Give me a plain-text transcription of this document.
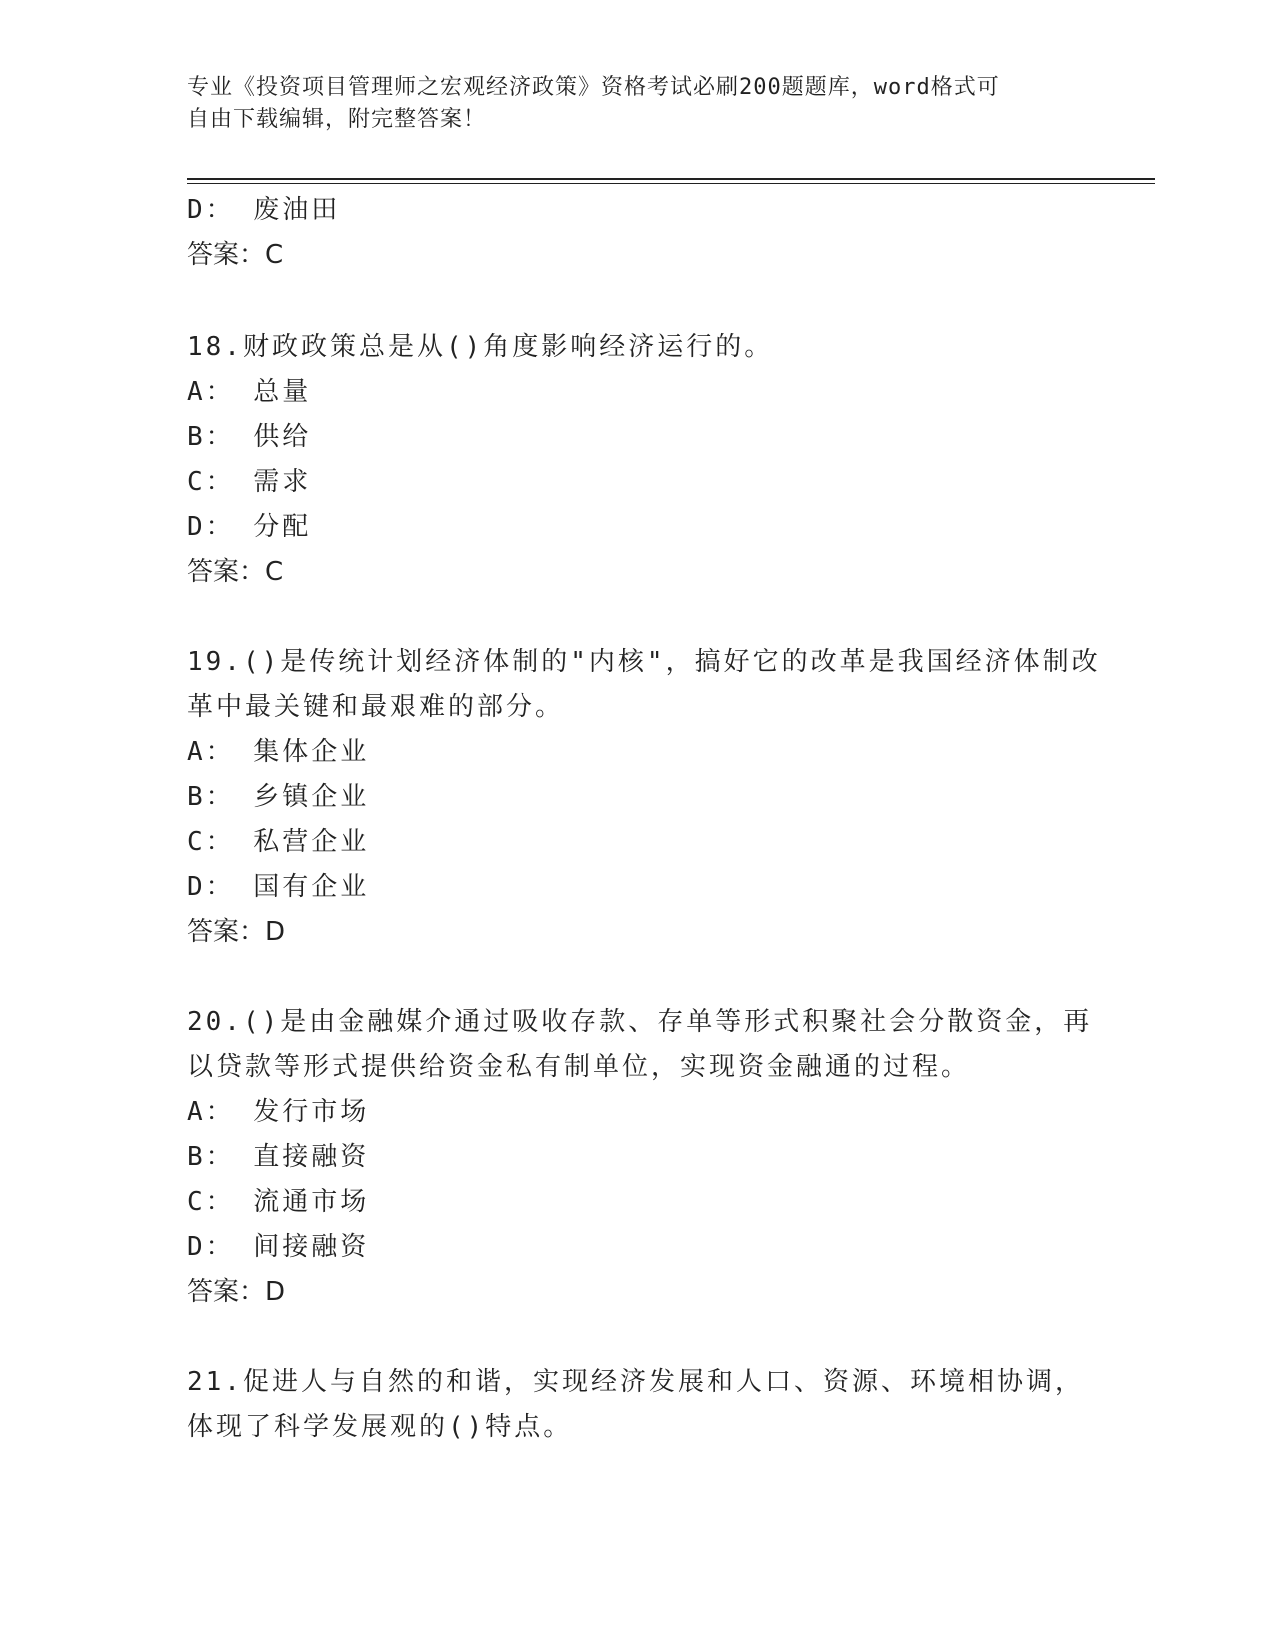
专业《投资项目管理师之宏观经济政策》资格考试必刷200题题库，word格式可
自由下载编辑，附完整答案！
D： 废油田
答案：C
18.财政政策总是从()角度影响经济运行的。
A： 总量
B： 供给
C： 需求
D： 分配
答案：C
19.()是传统计划经济体制的"内核"，搞好它的改革是我国经济体制改
革中最关键和最艰难的部分。
A： 集体企业
B： 乡镇企业
C： 私营企业
D： 国有企业
答案：D
20.()是由金融媒介通过吸收存款、存单等形式积聚社会分散资金，再
以贷款等形式提供给资金私有制单位，实现资金融通的过程。
A： 发行市场
B： 直接融资
C： 流通市场
D： 间接融资
答案：D
21.促进人与自然的和谐，实现经济发展和人口、资源、环境相协调，
体现了科学发展观的()特点。
